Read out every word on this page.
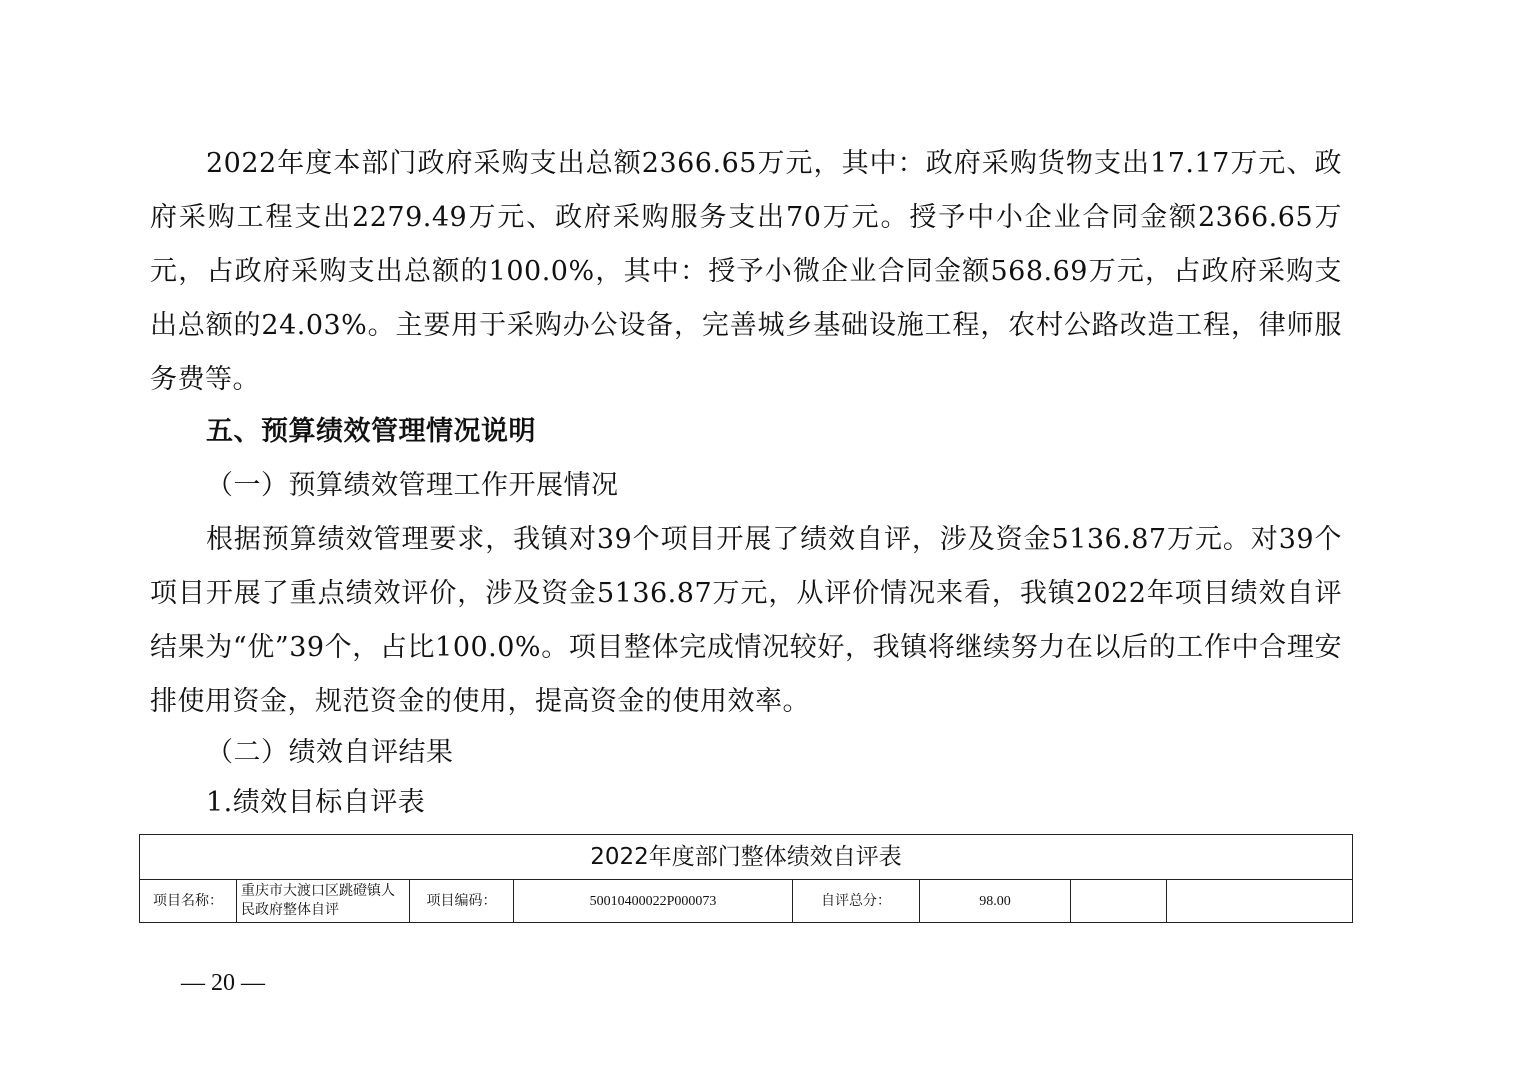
2022年度本部门政府采购支出总额2366.65万元，其中：政府采购货物支出17.17万元、政府采购工程支出2279.49万元、政府采购服务支出70万元。授予中小企业合同金额2366.65万元，占政府采购支出总额的100.0%，其中：授予小微企业合同金额568.69万元，占政府采购支出总额的24.03%。主要用于采购办公设备，完善城乡基础设施工程，农村公路改造工程，律师服务费等。

五、预算绩效管理情况说明

（一）预算绩效管理工作开展情况

根据预算绩效管理要求，我镇对39个项目开展了绩效自评，涉及资金5136.87万元。对39个项目开展了重点绩效评价，涉及资金5136.87万元，从评价情况来看，我镇2022年项目绩效自评结果为“优”39个，占比100.0%。项目整体完成情况较好，我镇将继续努力在以后的工作中合理安排使用资金，规范资金的使用，提高资金的使用效率。

（二）绩效自评结果

1.绩效目标自评表

2022年度部门整体绩效自评表
项目名称：	重庆市大渡口区跳磴镇人民政府整体自评	项目编码：	50010400022P000073	自评总分：	98.00		
— 20 —
